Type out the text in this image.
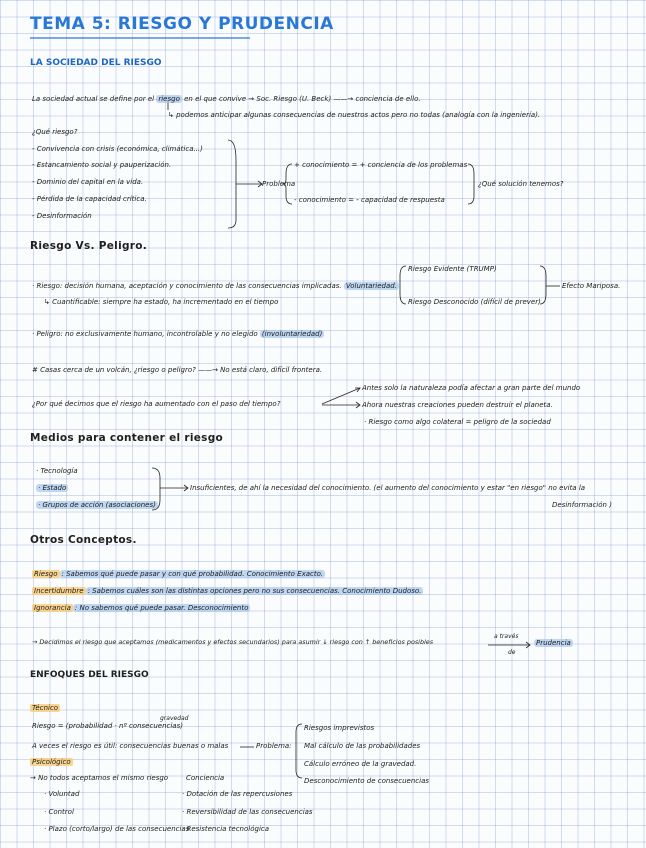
TEMA 5: RIESGO Y PRUDENCIA
LA SOCIEDAD DEL RIESGO
La sociedad actual se define por el riesgo en el que convive → Soc. Riesgo (U. Beck) ——→ conciencia de ello.
↳ podemos anticipar algunas consecuencias de nuestros actos pero no todas (analogía con la ingeniería).
¿Qué riesgo?
- Convivencia con crisis (económica, climática...)
- Estancamiento social y pauperización.
- Dominio del capital en la vida.
- Pérdida de la capacidad crítica.
- Desinformación
Problema
+ conocimiento = + conciencia de los problemas
- conocimiento = - capacidad de respuesta
¿Qué solución tenemos?
Riesgo Vs. Peligro.
· Riesgo: decisión humana, aceptación y conocimiento de las consecuencias implicadas. Voluntariedad.
↳ Cuantificable: siempre ha estado, ha incrementado en el tiempo
Riesgo Evidente (TRUMP)
Riesgo Desconocido (difícil de prever)
Efecto Mariposa.
· Peligro: no exclusivamente humano, incontrolable y no elegido (involuntariedad)
# Casas cerca de un volcán, ¿riesgo o peligro? ——→ No está claro, difícil frontera.
¿Por qué decimos que el riesgo ha aumentado con el paso del tiempo?
Antes solo la naturaleza podía afectar a gran parte del mundo
Ahora nuestras creaciones pueden destruir el planeta.
· Riesgo como algo colateral = peligro de la sociedad
Medios para contener el riesgo
· Tecnología
· Estado
· Grupos de acción (asociaciones)
Insuficientes, de ahí la necesidad del conocimiento. (el aumento del conocimiento y estar "en riesgo" no evita la
Desinformación )
Otros Conceptos.
Riesgo : Sabemos qué puede pasar y con qué probabilidad. Conocimiento Exacto.
Incertidumbre : Sabemos cuáles son las distintas opciones pero no sus consecuencias. Conocimiento Dudoso.
Ignorancia : No sabemos qué puede pasar. Desconocimiento
→ Decidimos el riesgo que aceptamos (medicamentos y efectos secundarios) para asumir ↓ riesgo con ↑ beneficios posibles
a través
de
Prudencia
ENFOQUES DEL RIESGO
Técnico
Riesgo = (probabilidad · nº consecuencias)
gravedad
A veces el riesgo es útil: consecuencias buenas o malas	Problema:
Riesgos imprevistos
Mal cálculo de las probabilidades
Cálculo erróneo de la gravedad.
Desconocimiento de consecuencias
Psicológico
→ No todos aceptamos el mismo riesgo	Conciencia
· Voluntad
· Control
· Plazo (corto/largo) de las consecuencias
· Dotación de las repercusiones
· Reversibilidad de las consecuencias
· Resistencia tecnológica
